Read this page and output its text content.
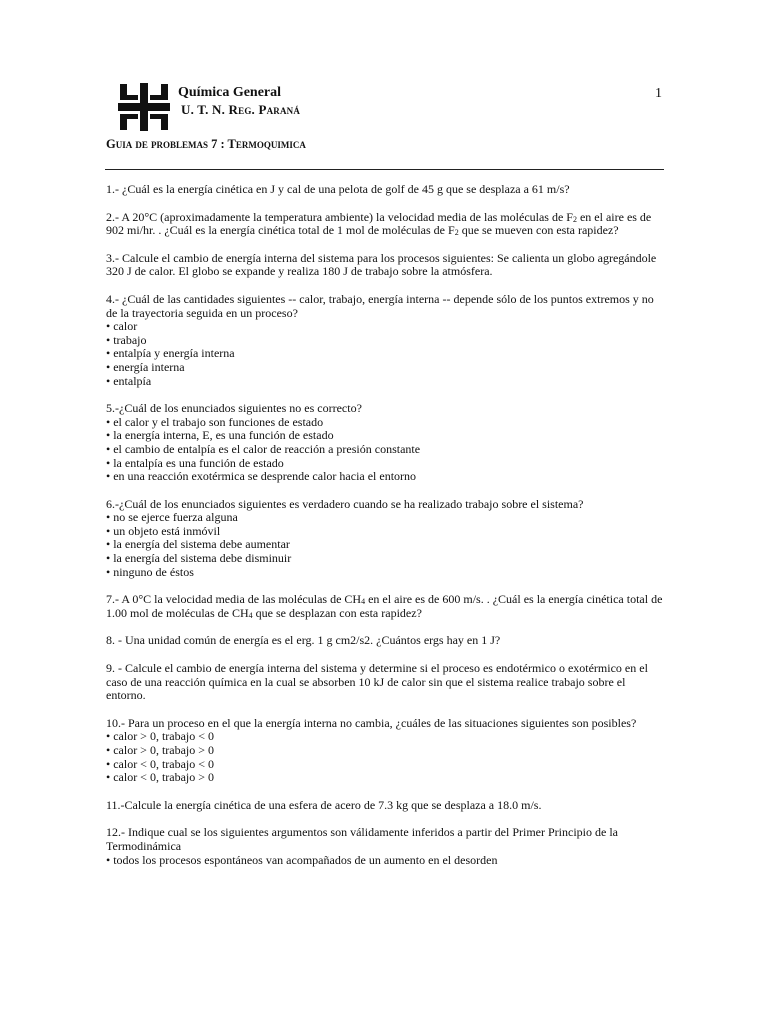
Química General
U. T. N. Reg. Paraná
1
Guia de problemas 7 : Termoquimica

1.- ¿Cuál es la energía cinética en J y cal de una pelota de golf de 45 g que se desplaza a 61 m/s?

2.- A 20°C (aproximadamente la temperatura ambiente) la velocidad media de las moléculas de $F_2$ en el aire es de 902 mi/hr. . ¿Cuál es la energía cinética total de 1 mol de moléculas de $F_2$ que se mueven con esta rapidez?

3.- Calcule el cambio de energía interna del sistema para los procesos siguientes: Se calienta un globo agregándole 320 J de calor. El globo se expande y realiza 180 J de trabajo sobre la atmósfera.

4.- ¿Cuál de las cantidades siguientes -- calor, trabajo, energía interna -- depende sólo de los puntos extremos y no de la trayectoria seguida en un proceso?

• calor
• trabajo
• entalpía y energía interna
• energía interna
• entalpía

5.-¿Cuál de los enunciados siguientes no es correcto?

• el calor y el trabajo son funciones de estado
• la energía interna, E, es una función de estado
• el cambio de entalpía es el calor de reacción a presión constante
• la entalpía es una función de estado
• en una reacción exotérmica se desprende calor hacia el entorno

6.-¿Cuál de los enunciados siguientes es verdadero cuando se ha realizado trabajo sobre el sistema?

• no se ejerce fuerza alguna
• un objeto está inmóvil
• la energía del sistema debe aumentar
• la energía del sistema debe disminuir
• ninguno de éstos

7.- A 0°C la velocidad media de las moléculas de $CH_4$ en el aire es de 600 m/s. . ¿Cuál es la energía cinética total de 1.00 mol de moléculas de $CH_4$ que se desplazan con esta rapidez?

8. - Una unidad común de energía es el erg. 1 g cm2/s2. ¿Cuántos ergs hay en 1 J?

9. - Calcule el cambio de energía interna del sistema y determine si el proceso es endotérmico o exotérmico en el caso de una reacción química en la cual se absorben 10 kJ de calor sin que el sistema realice trabajo sobre el entorno.

10.- Para un proceso en el que la energía interna no cambia, ¿cuáles de las situaciones siguientes son posibles?

• calor > 0, trabajo < 0
• calor > 0, trabajo > 0
• calor < 0, trabajo < 0
• calor < 0, trabajo > 0

11.-Calcule la energía cinética de una esfera de acero de 7.3 kg que se desplaza a 18.0 m/s.

12.- Indique cual se los siguientes argumentos son válidamente inferidos a partir del Primer Principio de la Termodinámica

• todos los procesos espontáneos van acompañados de un aumento en el desorden
